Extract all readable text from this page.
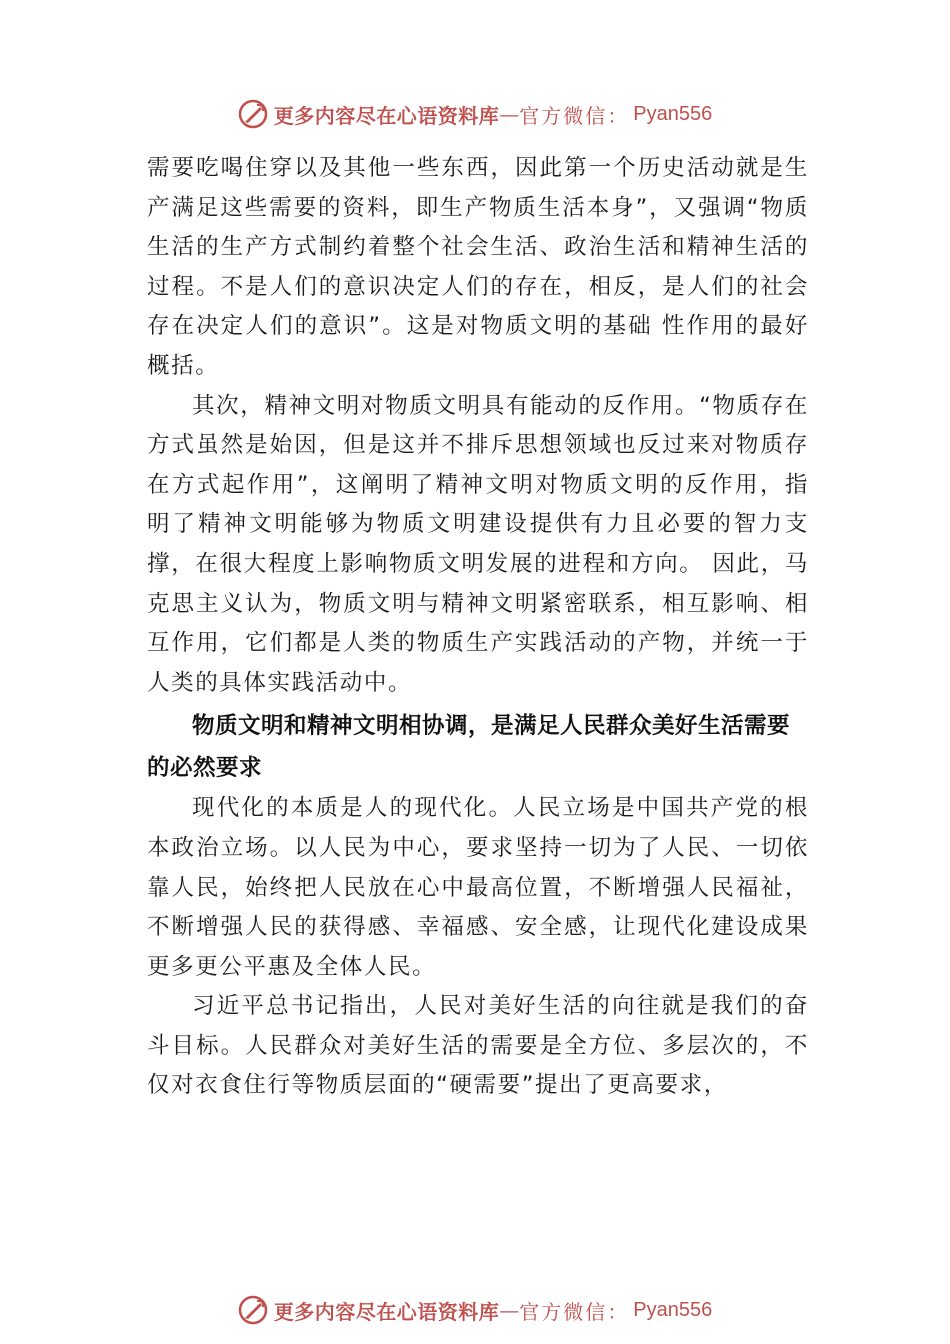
更多内容尽在心语资料库 — 官方微信： Pyan556

需要吃喝住穿以及其他一些东西，因此第一个历史活动就是生产满足这些需要的资料，即生产物质生活本身”，又强调“物质生活的生产方式制约着整个社会生活、政治生活和精神生活的过程。不是人们的意识决定人们的存在，相反，是人们的社会存在决定人们的意识”。这是对物质文明的基础 性作用的最好概括。

其次，精神文明对物质文明具有能动的反作用。“物质存在方式虽然是始因，但是这并不排斥思想领域也反过来对物质存在方式起作用”，这阐明了精神文明对物质文明的反作用，指明了精神文明能够为物质文明建设提供有力且必要的智力支撑，在很大程度上影响物质文明发展的进程和方向。 因此，马克思主义认为，物质文明与精神文明紧密联系，相互影响、相互作用，它们都是人类的物质生产实践活动的产物，并统一于人类的具体实践活动中。

物质文明和精神文明相协调，是满足人民群众美好生活需要的必然要求

现代化的本质是人的现代化。人民立场是中国共产党的根本政治立场。以人民为中心，要求坚持一切为了人民、一切依靠人民，始终把人民放在心中最高位置，不断增强人民福祉，不断增强人民的获得感、幸福感、安全感，让现代化建设成果更多更公平惠及全体人民。

习近平总书记指出，人民对美好生活的向往就是我们的奋斗目标。人民群众对美好生活的需要是全方位、多层次的，不仅对衣食住行等物质层面的“硬需要”提出了更高要求，

更多内容尽在心语资料库 — 官方微信： Pyan556
